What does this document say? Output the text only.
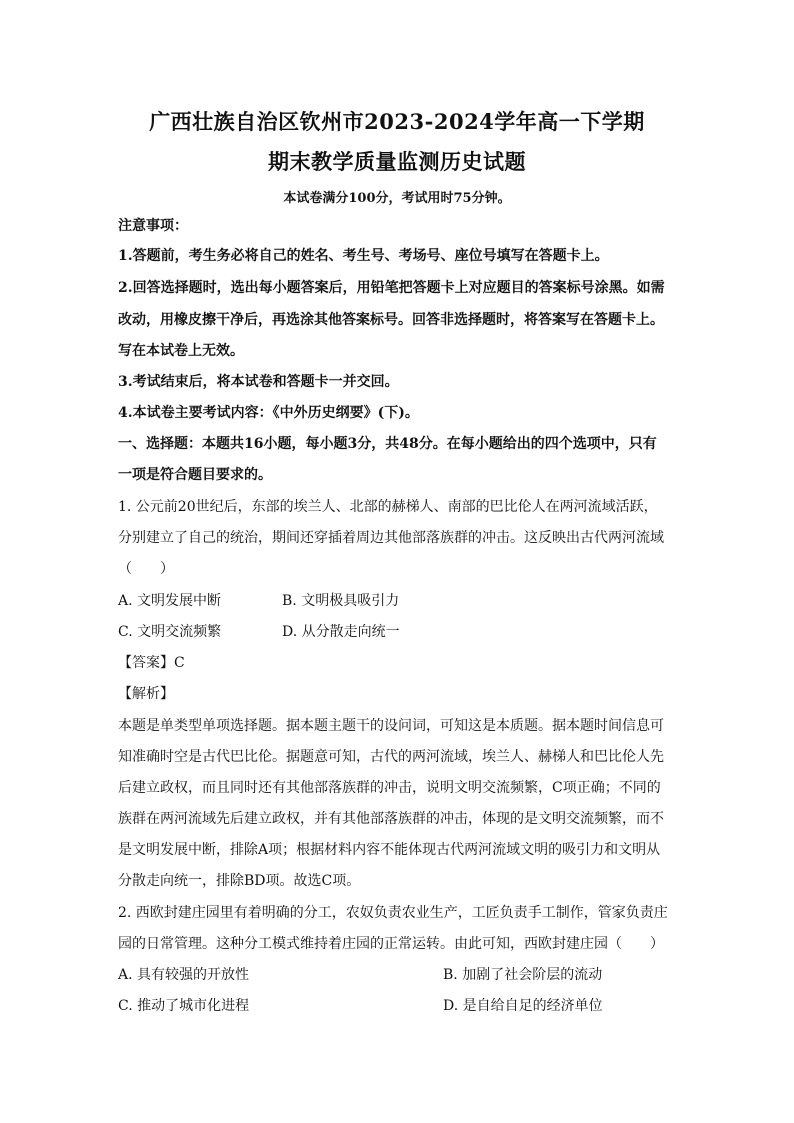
广西壮族自治区钦州市2023-2024学年高一下学期
期末教学质量监测历史试题
本试卷满分100分，考试用时75分钟。
注意事项：
1.答题前，考生务必将自己的姓名、考生号、考场号、座位号填写在答题卡上。
2.回答选择题时，选出每小题答案后，用铅笔把答题卡上对应题目的答案标号涂黑。如需
改动，用橡皮擦干净后，再选涂其他答案标号。回答非选择题时，将答案写在答题卡上。
写在本试卷上无效。
3.考试结束后，将本试卷和答题卡一并交回。
4.本试卷主要考试内容：《中外历史纲要》(下)。
一、选择题：本题共16小题，每小题3分，共48分。在每小题给出的四个选项中，只有
一项是符合题目要求的。
1. 公元前20世纪后，东部的埃兰人、北部的赫梯人、南部的巴比伦人在两河流域活跃，
分别建立了自己的统治，期间还穿插着周边其他部落族群的冲击。这反映出古代两河流域
（　　）
A. 文明发展中断	B. 文明极具吸引力
C. 文明交流频繁	D. 从分散走向统一
【答案】C
【解析】
本题是单类型单项选择题。据本题主题干的设问词，可知这是本质题。据本题时间信息可
知准确时空是古代巴比伦。据题意可知，古代的两河流域，埃兰人、赫梯人和巴比伦人先
后建立政权，而且同时还有其他部落族群的冲击，说明文明交流频繁，C项正确；不同的
族群在两河流域先后建立政权，并有其他部落族群的冲击，体现的是文明交流频繁，而不
是文明发展中断，排除A项；根据材料内容不能体现古代两河流域文明的吸引力和文明从
分散走向统一，排除BD项。故选C项。
2. 西欧封建庄园里有着明确的分工，农奴负责农业生产，工匠负责手工制作，管家负责庄
园的日常管理。这种分工模式维持着庄园的正常运转。由此可知，西欧封建庄园（　　）
A. 具有较强的开放性	B. 加剧了社会阶层的流动
C. 推动了城市化进程	D. 是自给自足的经济单位
